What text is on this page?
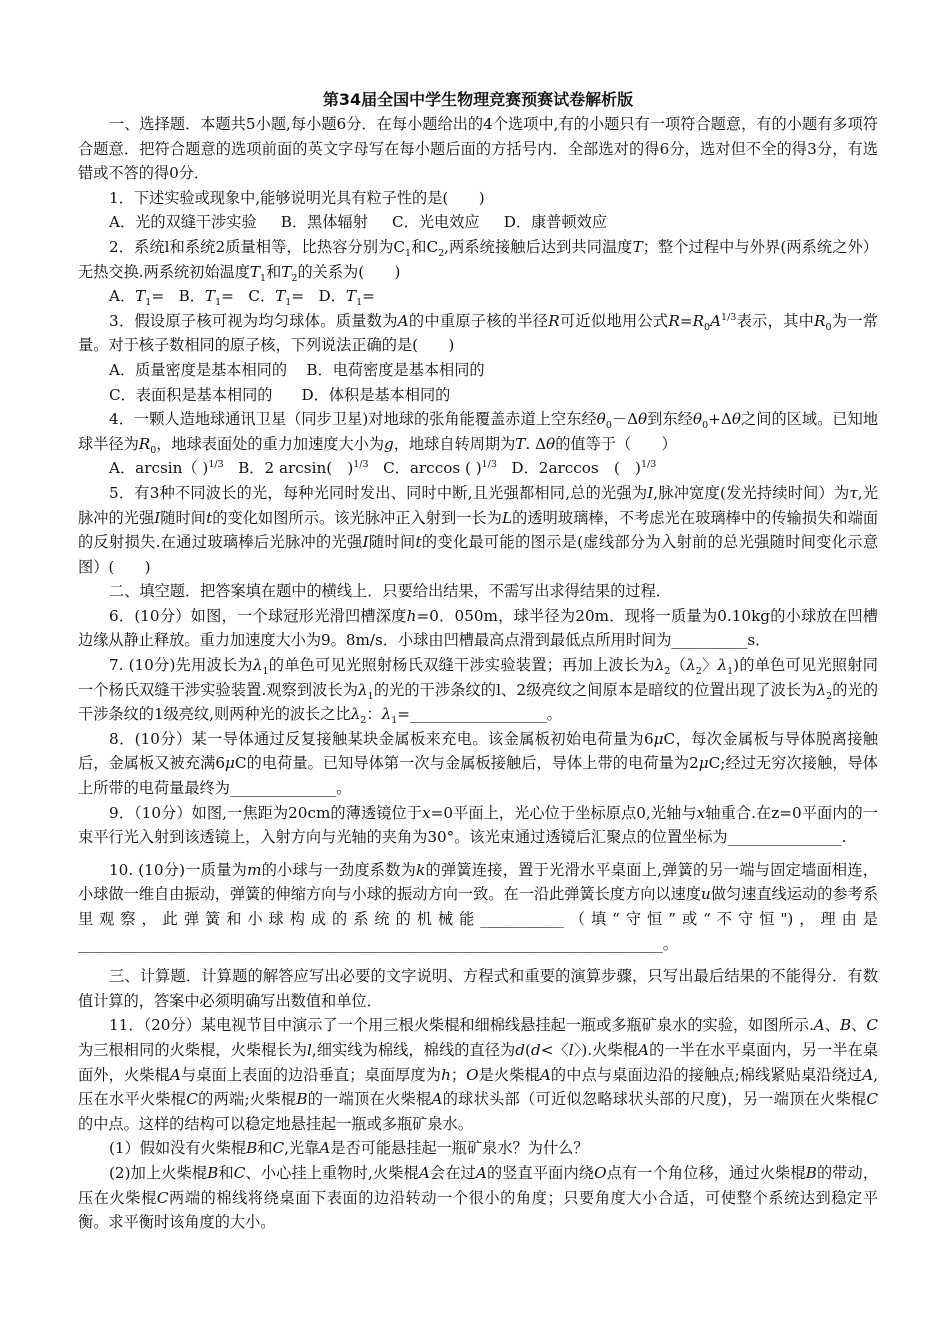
第34届全国中学生物理竞赛预赛试卷解析版

一、选择题．本题共5小题,每小题6分．在每小题给出的4个选项中,有的小题只有一项符合题意，有的小题有多项符合题意．把符合题意的选项前面的英文字母写在每小题后面的方括号内．全部选对的得6分，选对但不全的得3分，有选错或不答的得0分．

1．下述实验或现象中,能够说明光具有粒子性的是(　　)

A．光的双缝干涉实验 B．黑体辐射 C．光电效应 D．康普顿效应

2．系统l和系统2质量相等，比热容分别为$C_1$和$C_2$,两系统接触后达到共同温度T；整个过程中与外界(两系统之外）无热交换.两系统初始温度$T_1$和$T_2$的关系为(　　)

A．$T_1= B$．$T_1= C$．$T_1= D$．$T_1=$

3．假设原子核可视为均匀球体。质量数为A的中重原子核的半径R可近似地用公式$R=R_0A^{1/3}$表示，其中$R_0$为一常量。对于核子数相同的原子核，下列说法正确的是(　　)

A．质量密度是基本相同的 B．电荷密度是基本相同的

C．表面积是基本相同的 D．体积是基本相同的

4．一颗人造地球通讯卫星（同步卫星)对地球的张角能覆盖赤道上空东经$\theta_0-\Delta\theta$到东经$\theta_0+\Delta\theta$之间的区域。已知地球半径为$R_0$，地球表面处的重力加速度大小为g，地球自转周期为T. Δθ的值等于（　　）

A．arcsin（ )$^{1/3}$ B．2 arcsin(　)$^{1/3}$ C．arccos ( )$^{1/3}$ D．2arccos　(　)$^{1/3}$

5．有3种不同波长的光，每种光同时发出、同时中断,且光强都相同,总的光强为I,脉冲宽度(发光持续时间）为τ,光脉冲的光强I随时间t的变化如图所示。该光脉冲正入射到一长为L的透明玻璃棒，不考虑光在玻璃棒中的传输损失和端面的反射损失.在通过玻璃棒后光脉冲的光强I随时间t的变化最可能的图示是(虚线部分为入射前的总光强随时间变化示意图）(　　)

二、填空题．把答案填在题中的横线上．只要给出结果，不需写出求得结果的过程．

6．(10分）如图，一个球冠形光滑凹槽深度h=0．050m，球半径为20m．现将一质量为0.10kg的小球放在凹槽边缘从静止释放。重力加速度大小为9。8m/s．小球由凹槽最高点滑到最低点所用时间为__________s．

7. (10分)先用波长为$\lambda_1$的单色可见光照射杨氏双缝干涉实验装置；再加上波长为$\lambda_2(\lambda_2$〉$\lambda_1$)的单色可见光照射同一个杨氏双缝干涉实验装置.观察到波长为$\lambda_1$的光的干涉条纹的l、2级亮纹之间原本是暗纹的位置出现了波长为$\lambda_2$的光的干涉条纹的1级亮纹,则两种光的波长之比$\lambda_2$：$\lambda_1=\_\_\_\_\_\_\_\_\_\_\_\_\_\_\_\_\_\_$。

8．(10分）某一导体通过反复接触某块金属板来充电。该金属板初始电荷量为6μC，每次金属板与导体脱离接触后，金属板又被充满6μC的电荷量。已知导体第一次与金属板接触后，导体上带的电荷量为2μC;经过无穷次接触，导体上所带的电荷量最终为______________。

9．（10分）如图,一焦距为20cm的薄透镜位于x=0平面上，光心位于坐标原点0,光轴与x轴重合.在z=0平面内的一束平行光入射到该透镜上，入射方向与光轴的夹角为30°。该光束通过透镜后汇聚点的位置坐标为_______________.

10. (10分)一质量为m的小球与一劲度系数为k的弹簧连接，置于光滑水平桌面上,弹簧的另一端与固定墙面相连，小球做一维自由振动，弹簧的伸缩方向与小球的振动方向一致。在一沿此弹簧长度方向以速度u做匀速直线运动的参考系里观察，此弹簧和小球构成的系统的机械能___________（填“守恒”或“不守恒")，理由是_____________________________________________________________________________。

三、计算题．计算题的解答应写出必要的文字说明、方程式和重要的演算步骤，只写出最后结果的不能得分．有数值计算的，答案中必须明确写出数值和单位．

11．（20分）某电视节目中演示了一个用三根火柴棍和细棉线悬挂起一瓶或多瓶矿泉水的实验，如图所示.A、B、C为三根相同的火柴棍，火柴棍长为l,细实线为棉线，棉线的直径为d(d<〈l〉).火柴棍A的一半在水平桌面内，另一半在桌面外，火柴棍A与桌面上表面的边沿垂直；桌面厚度为h；O是火柴棍A的中点与桌面边沿的接触点;棉线紧贴桌沿绕过A,压在水平火柴棍C的两端;火柴棍B的一端顶在火柴棍A的球状头部（可近似忽略球状头部的尺度)，另一端顶在火柴棍C的中点。这样的结构可以稳定地悬挂起一瓶或多瓶矿泉水。

(1）假如没有火柴棍B和C,光靠A是否可能悬挂起一瓶矿泉水？为什么？

(2)加上火柴棍B和C、小心挂上重物时,火柴棍A会在过A的竖直平面内绕O点有一个角位移，通过火柴棍B的带动，压在火柴棍C两端的棉线将绕桌面下表面的边沿转动一个很小的角度；只要角度大小合适，可使整个系统达到稳定平衡。求平衡时该角度的大小。
